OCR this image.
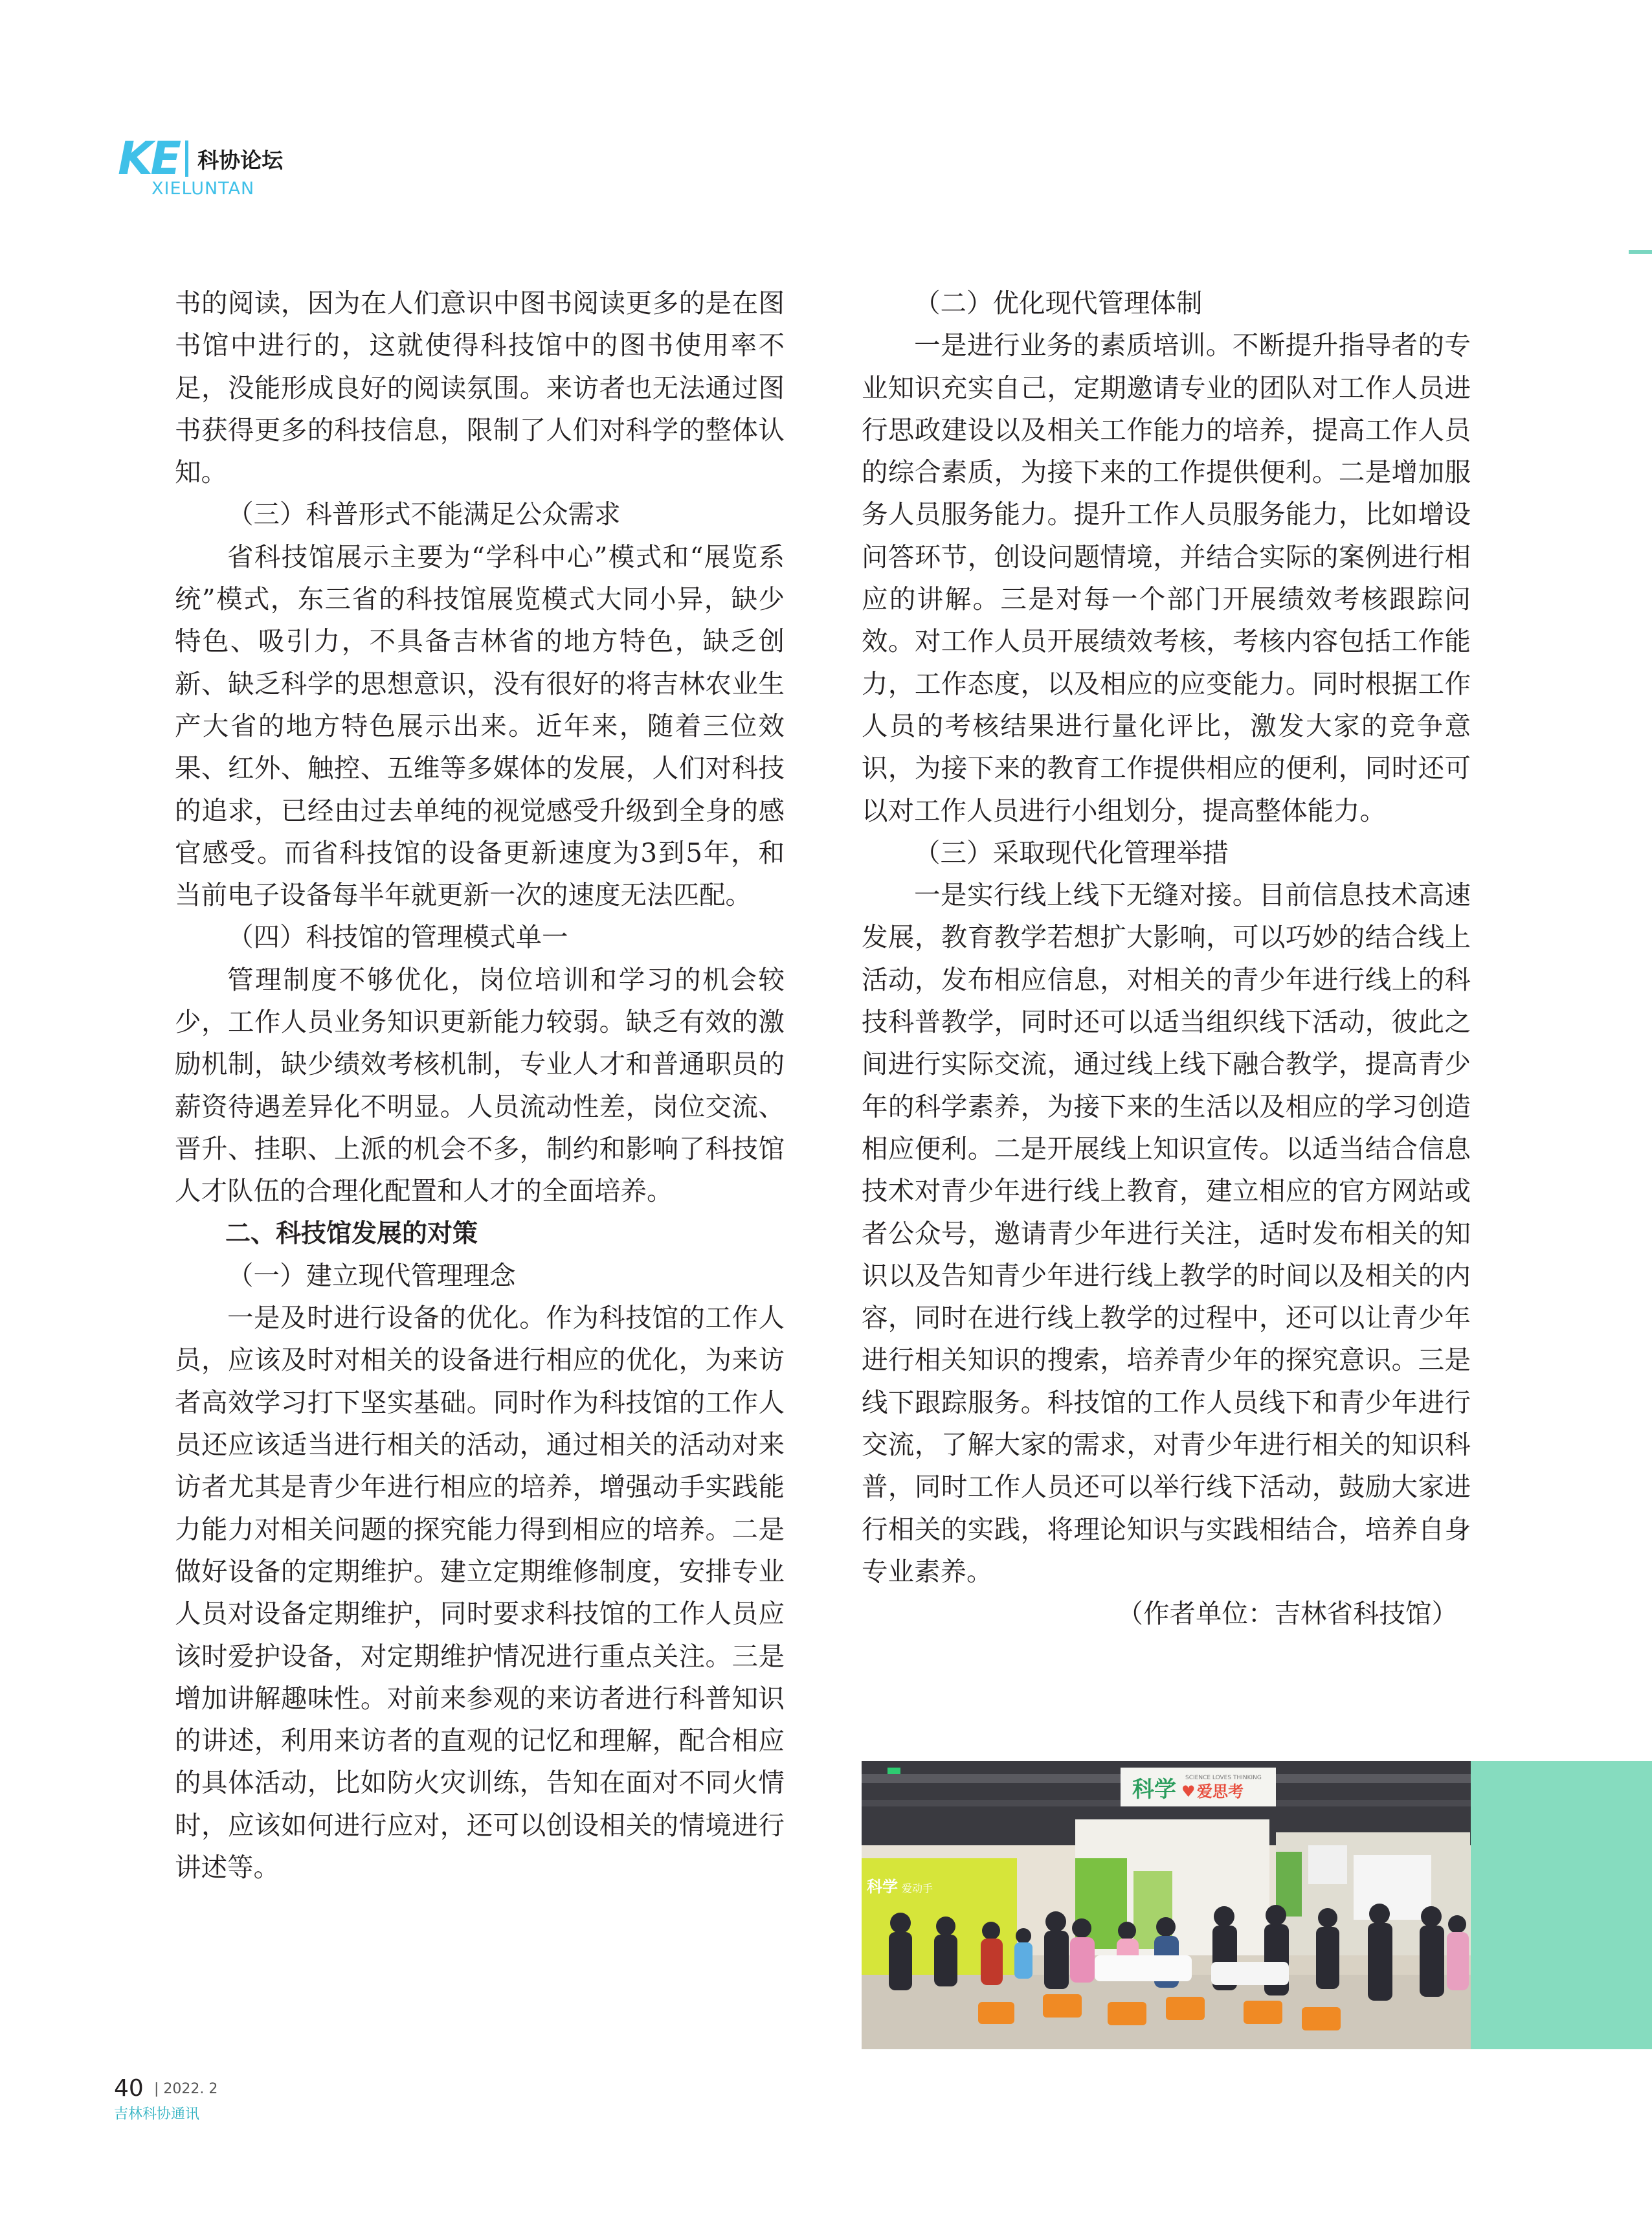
KE 科协论坛
XIELUNTAN

书的阅读，因为在人们意识中图书阅读更多的是在图书馆中进行的，这就使得科技馆中的图书使用率不足，没能形成良好的阅读氛围。来访者也无法通过图书获得更多的科技信息，限制了人们对科学的整体认知。

（三）科普形式不能满足公众需求

省科技馆展示主要为“学科中心”模式和“展览系统”模式，东三省的科技馆展览模式大同小异，缺少特色、吸引力，不具备吉林省的地方特色，缺乏创新、缺乏科学的思想意识，没有很好的将吉林农业生产大省的地方特色展示出来。近年来，随着三位效果、红外、触控、五维等多媒体的发展，人们对科技的追求，已经由过去单纯的视觉感受升级到全身的感官感受。而省科技馆的设备更新速度为3到5年，和当前电子设备每半年就更新一次的速度无法匹配。

（四）科技馆的管理模式单一

管理制度不够优化，岗位培训和学习的机会较少，工作人员业务知识更新能力较弱。缺乏有效的激励机制，缺少绩效考核机制，专业人才和普通职员的薪资待遇差异化不明显。人员流动性差，岗位交流、晋升、挂职、上派的机会不多，制约和影响了科技馆人才队伍的合理化配置和人才的全面培养。

二、科技馆发展的对策

（一）建立现代管理理念

一是及时进行设备的优化。作为科技馆的工作人员，应该及时对相关的设备进行相应的优化，为来访者高效学习打下坚实基础。同时作为科技馆的工作人员还应该适当进行相关的活动，通过相关的活动对来访者尤其是青少年进行相应的培养，增强动手实践能力能力对相关问题的探究能力得到相应的培养。二是做好设备的定期维护。建立定期维修制度，安排专业人员对设备定期维护，同时要求科技馆的工作人员应该时爱护设备，对定期维护情况进行重点关注。三是增加讲解趣味性。对前来参观的来访者进行科普知识的讲述，利用来访者的直观的记忆和理解，配合相应的具体活动，比如防火灾训练，告知在面对不同火情时，应该如何进行应对，还可以创设相关的情境进行讲述等。

（二）优化现代管理体制

一是进行业务的素质培训。不断提升指导者的专业知识充实自己，定期邀请专业的团队对工作人员进行思政建设以及相关工作能力的培养，提高工作人员的综合素质，为接下来的工作提供便利。二是增加服务人员服务能力。提升工作人员服务能力，比如增设问答环节，创设问题情境，并结合实际的案例进行相应的讲解。三是对每一个部门开展绩效考核跟踪问效。对工作人员开展绩效考核，考核内容包括工作能力，工作态度，以及相应的应变能力。同时根据工作人员的考核结果进行量化评比，激发大家的竞争意识，为接下来的教育工作提供相应的便利，同时还可以对工作人员进行小组划分，提高整体能力。

（三）采取现代化管理举措

一是实行线上线下无缝对接。目前信息技术高速发展，教育教学若想扩大影响，可以巧妙的结合线上活动，发布相应信息，对相关的青少年进行线上的科技科普教学，同时还可以适当组织线下活动，彼此之间进行实际交流，通过线上线下融合教学，提高青少年的科学素养，为接下来的生活以及相应的学习创造相应便利。二是开展线上知识宣传。以适当结合信息技术对青少年进行线上教育，建立相应的官方网站或者公众号，邀请青少年进行关注，适时发布相关的知识以及告知青少年进行线上教学的时间以及相关的内容，同时在进行线上教学的过程中，还可以让青少年进行相关知识的搜索，培养青少年的探究意识。三是线下跟踪服务。科技馆的工作人员线下和青少年进行交流，了解大家的需求，对青少年进行相关的知识科普，同时工作人员还可以举行线下活动，鼓励大家进行相关的实践，将理论知识与实践相结合，培养自身专业素养。

（作者单位：吉林省科技馆）

科学 ♥ 爱思考
SCIENCE LOVES THINKING
科学 爱动手
40 | 2022. 2
吉林科协通讯
